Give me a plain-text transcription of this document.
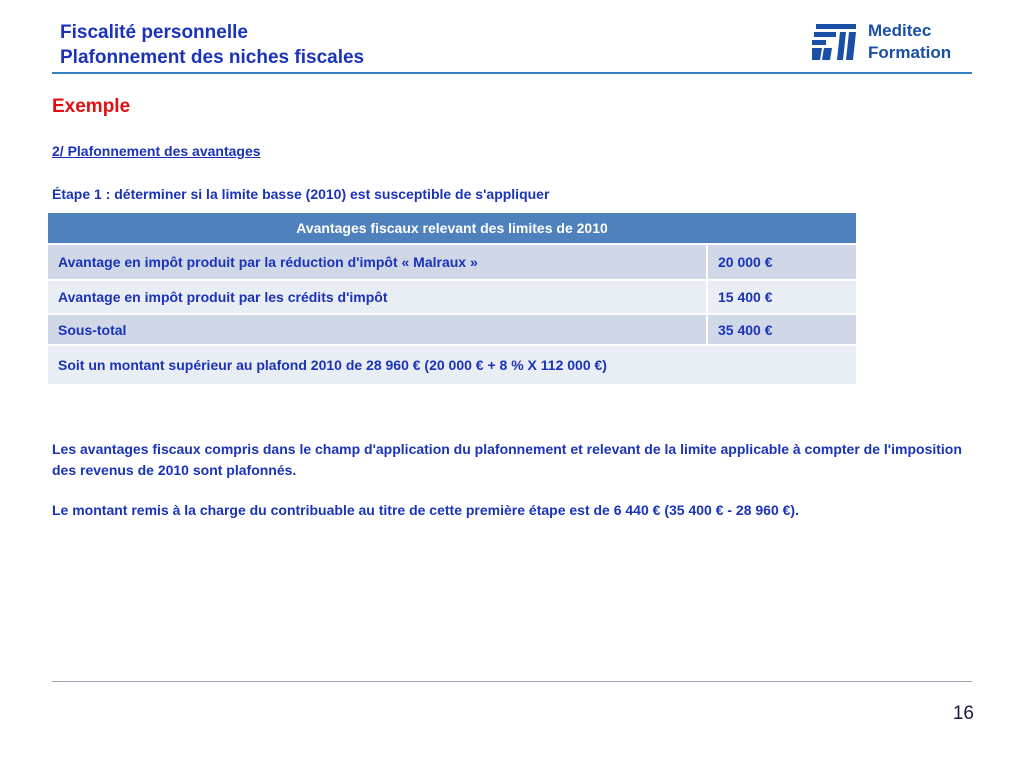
Fiscalité personnelle
Plafonnement des niches fiscales
Meditec
Formation
Exemple
2/ Plafonnement des avantages
Étape 1 : déterminer si la limite basse (2010) est susceptible de s'appliquer
Avantages fiscaux relevant des limites de 2010	
Avantage en impôt produit par la réduction d'impôt « Malraux »	20 000 €
Avantage en impôt produit par les crédits d'impôt	15 400 €
Sous-total	35 400 €
Soit un montant supérieur au plafond 2010 de 28 960 € (20 000 € + 8 % X 112 000 €)	
Les avantages fiscaux compris dans le champ d'application du plafonnement et relevant de la limite applicable à compter de l'imposition des revenus de 2010 sont plafonnés.
Le montant remis à la charge du contribuable au titre de cette première étape est de 6 440 € (35 400 € - 28 960 €).
16
